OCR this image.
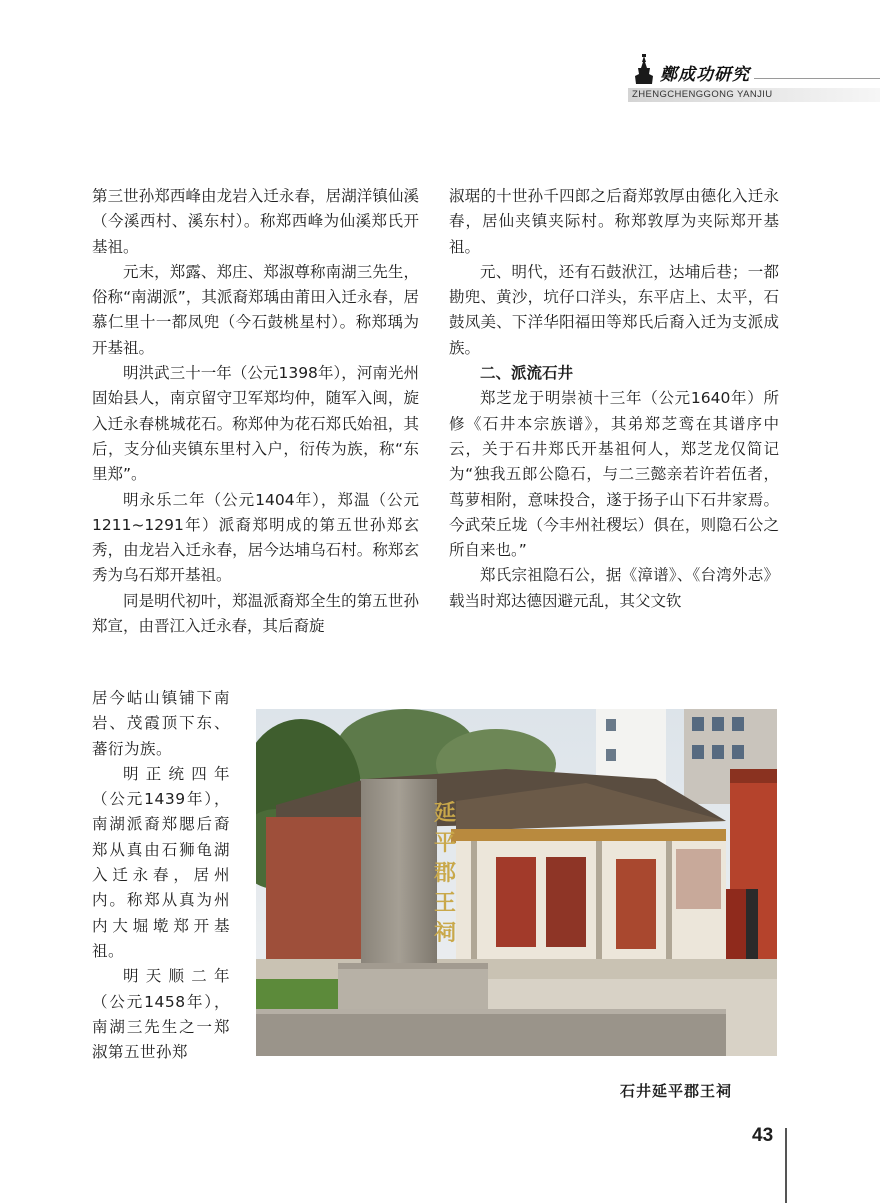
鄭成功研究
ZHENGCHENGGONG YANJIU

第三世孙郑西峰由龙岩入迁永春，居湖洋镇仙溪（今溪西村、溪东村）。称郑西峰为仙溪郑氏开基祖。

元末，郑露、郑庄、郑淑尊称南湖三先生，俗称“南湖派”，其派裔郑瑀由莆田入迁永春，居慕仁里十一都凤兜（今石鼓桃星村）。称郑瑀为开基祖。

明洪武三十一年（公元1398年），河南光州固始县人，南京留守卫军郑均仲，随军入闽，旋入迁永春桃城花石。称郑仲为花石郑氏始祖，其后，支分仙夹镇东里村入户，衍传为族，称“东里郑”。

明永乐二年（公元1404年），郑温（公元1211~1291年）派裔郑明成的第五世孙郑玄秀，由龙岩入迁永春，居今达埔乌石村。称郑玄秀为乌石郑开基祖。

同是明代初叶，郑温派裔郑全生的第五世孙郑宣，由晋江入迁永春，其后裔旋

居今岵山镇铺下南岩、茂霞顶下东、蕃衍为族。

明正统四年（公元1439年），南湖派裔郑腮后裔郑从真由石狮龟湖入迁永春，居州内。称郑从真为州内大堀墘郑开基祖。

明天顺二年（公元1458年），南湖三先生之一郑淑第五世孙郑

淑琚的十世孙千四郎之后裔郑敦厚由德化入迁永春，居仙夹镇夹际村。称郑敦厚为夹际郑开基祖。

元、明代，还有石鼓洑江，达埔后巷；一都勘兜、黄沙，坑仔口洋头，东平店上、太平，石鼓凤美、下洋华阳福田等郑氏后裔入迁为支派成族。

二、派流石井

郑芝龙于明崇祯十三年（公元1640年）所修《石井本宗族谱》，其弟郑芝鸾在其谱序中云，关于石井郑氏开基祖何人，郑芝龙仅简记为“独我五郎公隐石，与二三懿亲若许若伍者，茑萝相附，意味投合，遂于扬子山下石井家焉。今武荣丘垅（今丰州社稷坛）俱在，则隐石公之所自来也。”

郑氏宗祖隐石公，据《漳谱》、《台湾外志》载当时郑达德因避元乱，其父文钦

延平郡王祠
石井延平郡王祠
43
